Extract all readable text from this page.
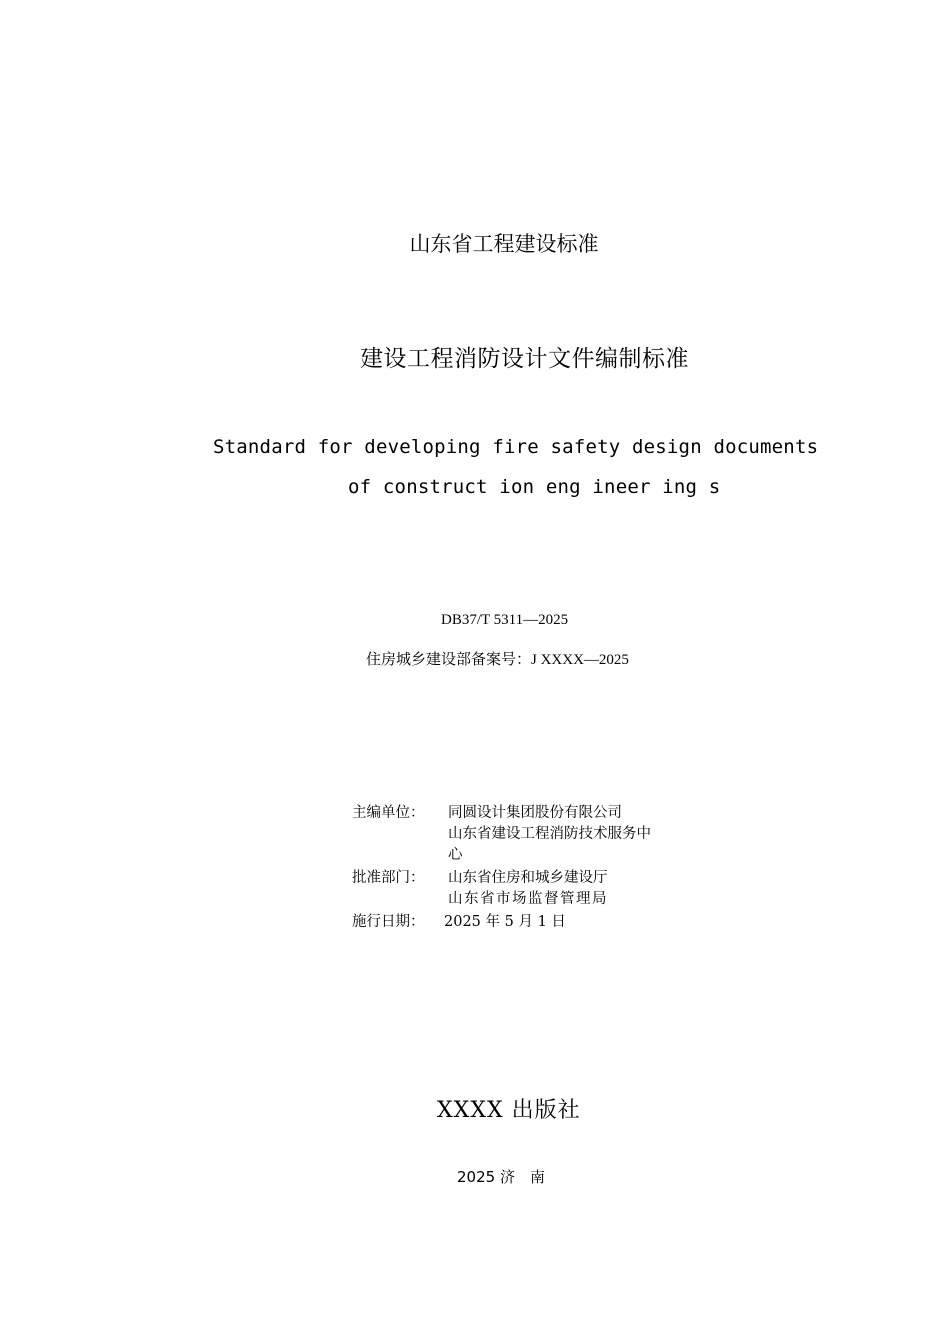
山东省工程建设标准
建设工程消防设计文件编制标准
Standard for developing fire safety design documents
of construct ion eng ineer ing s
DB37/T 5311—2025
住房城乡建设部备案号：J XXXX—2025
主编单位：	同圆设计集团股份有限公司
山东省建设工程消防技术服务中心
批准部门：	山东省住房和城乡建设厅
山东省市场监督管理局
施行日期：	2025 年 5 月 1 日
XXXX 出版社
2025 济　南
